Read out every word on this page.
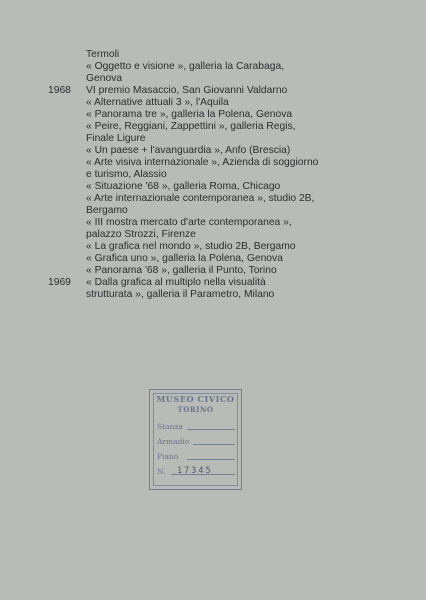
Termoli
« Oggetto e visione », galleria la Carabaga,
Genova
1968 VI premio Masaccio, San Giovanni Valdarno
« Alternative attuali 3 », l'Aquila
« Panorama tre », galleria la Polena, Genova
« Peire, Reggiani, Zappettini », galleria Regis,
Finale Ligure
« Un paese + l'avanguardia », Anfo (Brescia)
« Arte visiva internazionale », Azienda di soggiorno
e turismo, Alassio
« Situazione '68 », galleria Roma, Chicago
« Arte internazionale contemporanea », studio 2B,
Bergamo
« III mostra mercato d'arte contemporanea »,
palazzo Strozzi, Firenze
« La grafica nel mondo », studio 2B, Bergamo
« Grafica uno », galleria la Polena, Genova
« Panorama '68 », galleria il Punto, Torino
1969 « Dalla grafica al multiplo nella visualità
strutturata », galleria il Parametro, Milano
MUSEO CIVICO
TORINO
Stanza
Armadio
Piano
N. 17345
